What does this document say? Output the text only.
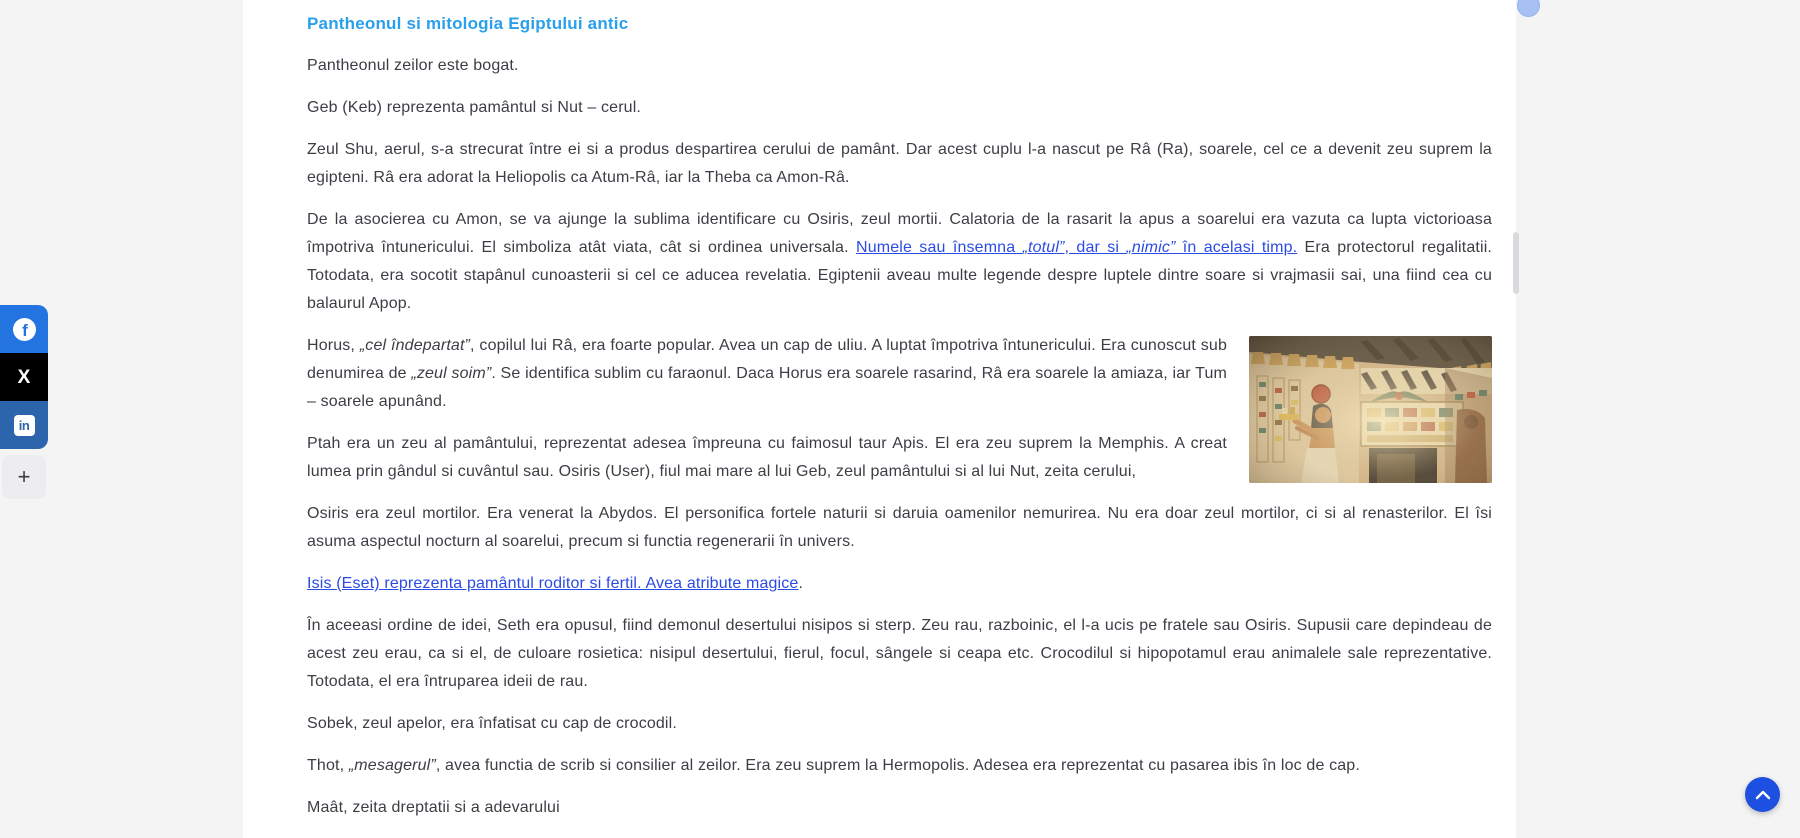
Pantheonul si mitologia Egiptului antic

Pantheonul zeilor este bogat.

Geb (Keb) reprezenta pamântul si Nut – cerul.

Zeul Shu, aerul, s-a strecurat între ei si a produs despartirea cerului de pamânt. Dar acest cuplu l-a nascut pe Râ (Ra), soarele, cel ce a devenit zeu suprem la egipteni. Râ era adorat la Heliopolis ca Atum-Râ, iar la Theba ca Amon-Râ.

De la asocierea cu Amon, se va ajunge la sublima identificare cu Osiris, zeul mortii. Calatoria de la rasarit la apus a soarelui era vazuta ca lupta victorioasa împotriva întunericului. El simboliza atât viata, cât si ordinea universala. Numele sau însemna „totul”, dar si „nimic” în acelasi timp. Era protectorul regalitatii. Totodata, era socotit stapânul cunoasterii si cel ce aducea revelatia. Egiptenii aveau multe legende despre luptele dintre soare si vrajmasii sai, una fiind cea cu balaurul Apop.

Horus, „cel îndepartat”, copilul lui Râ, era foarte popular. Avea un cap de uliu. A luptat împotriva întunericului. Era cunoscut sub denumirea de „zeul soim”. Se identifica sublim cu faraonul. Daca Horus era soarele rasarind, Râ era soarele la amiaza, iar Tum – soarele apunând.

Ptah era un zeu al pamântului, reprezentat adesea împreuna cu faimosul taur Apis. El era zeu suprem la Memphis. A creat lumea prin gândul si cuvântul sau. Osiris (User), fiul mai mare al lui Geb, zeul pamântului si al lui Nut, zeita cerului,

Osiris era zeul mortilor. Era venerat la Abydos. El personifica fortele naturii si daruia oamenilor nemurirea. Nu era doar zeul mortilor, ci si al renasterilor. El îsi asuma aspectul nocturn al soarelui, precum si functia regenerarii în univers.

Isis (Eset) reprezenta pamântul roditor si fertil. Avea atribute magice.

În aceeasi ordine de idei, Seth era opusul, fiind demonul desertului nisipos si sterp. Zeu rau, razboinic, el l-a ucis pe fratele sau Osiris. Supusii care depindeau de acest zeu erau, ca si el, de culoare rosietica: nisipul desertului, fierul, focul, sângele si ceapa etc. Crocodilul si hipopotamul erau animalele sale reprezentative. Totodata, el era întruparea ideii de rau.

Sobek, zeul apelor, era înfatisat cu cap de crocodil.

Thot, „mesagerul”, avea functia de scrib si consilier al zeilor. Era zeu suprem la Hermopolis. Adesea era reprezentat cu pasarea ibis în loc de cap.

Maât, zeita dreptatii si a adevarului

f
X
in
+
